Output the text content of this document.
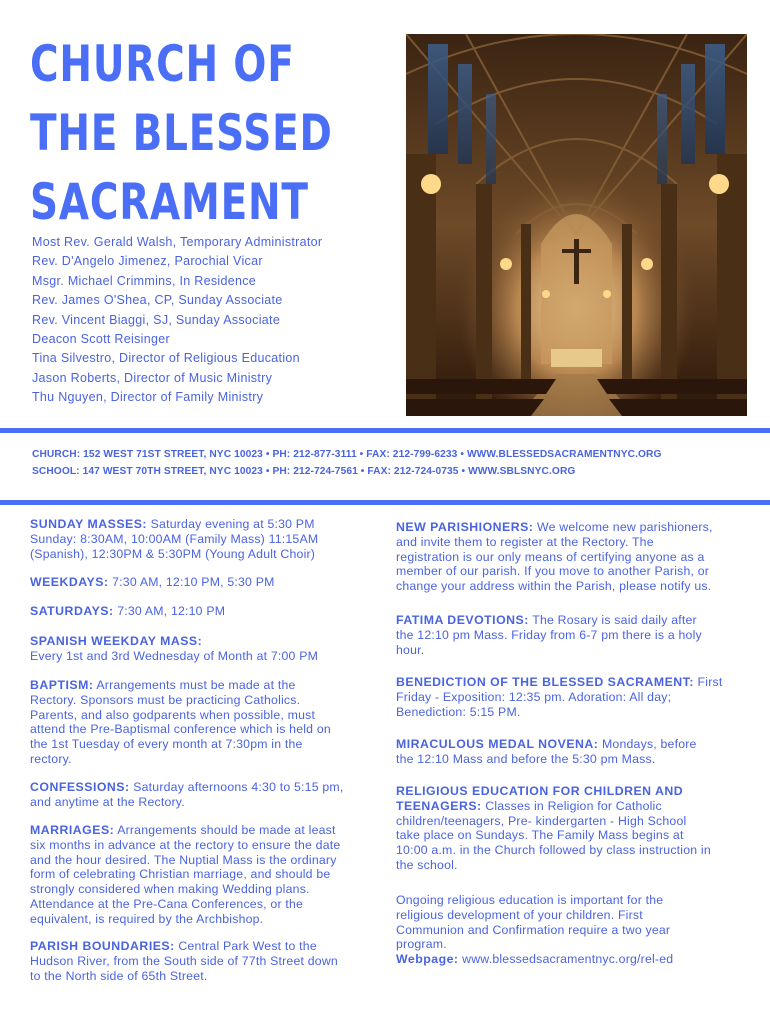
CHURCH OF
THE BLESSED
SACRAMENT
Most Rev. Gerald Walsh, Temporary Administrator
Rev. D'Angelo Jimenez, Parochial Vicar
Msgr. Michael Crimmins, In Residence
Rev. James O'Shea, CP, Sunday Associate
Rev. Vincent Biaggi, SJ, Sunday Associate
Deacon Scott Reisinger
Tina Silvestro, Director of Religious Education
Jason Roberts, Director of Music Ministry
Thu Nguyen, Director of Family Ministry
CHURCH: 152 WEST 71ST STREET, NYC 10023 • PH: 212-877-3111 • FAX: 212-799-6233 • WWW.BLESSEDSACRAMENTNYC.ORG
SCHOOL: 147 WEST 70TH STREET, NYC 10023 • PH: 212-724-7561 • FAX: 212-724-0735 • WWW.SBLSNYC.ORG
SUNDAY MASSES: Saturday evening at 5:30 PM
Sunday: 8:30AM, 10:00AM (Family Mass) 11:15AM
(Spanish), 12:30PM & 5:30PM (Young Adult Choir)
WEEKDAYS: 7:30 AM, 12:10 PM, 5:30 PM
SATURDAYS: 7:30 AM, 12:10 PM
SPANISH WEEKDAY MASS:
Every 1st and 3rd Wednesday of Month at 7:00 PM
BAPTISM: Arrangements must be made at the
Rectory. Sponsors must be practicing Catholics.
Parents, and also godparents when possible, must
attend the Pre-Baptismal conference which is held on
the 1st Tuesday of every month at 7:30pm in the
rectory.
CONFESSIONS: Saturday afternoons 4:30 to 5:15 pm,
and anytime at the Rectory.
MARRIAGES: Arrangements should be made at least
six months in advance at the rectory to ensure the date
and the hour desired. The Nuptial Mass is the ordinary
form of celebrating Christian marriage, and should be
strongly considered when making Wedding plans.
Attendance at the Pre-Cana Conferences, or the
equivalent, is required by the Archbishop.
PARISH BOUNDARIES: Central Park West to the
Hudson River, from the South side of 77th Street down
to the North side of 65th Street.
NEW PARISHIONERS: We welcome new parishioners,
and invite them to register at the Rectory. The
registration is our only means of certifying anyone as a
member of our parish. If you move to another Parish, or
change your address within the Parish, please notify us.
FATIMA DEVOTIONS: The Rosary is said daily after
the 12:10 pm Mass. Friday from 6-7 pm there is a holy
hour.
BENEDICTION OF THE BLESSED SACRAMENT: First
Friday - Exposition: 12:35 pm. Adoration: All day;
Benediction: 5:15 PM.
MIRACULOUS MEDAL NOVENA: Mondays, before
the 12:10 Mass and before the 5:30 pm Mass.
RELIGIOUS EDUCATION FOR CHILDREN AND
TEENAGERS: Classes in Religion for Catholic
children/teenagers, Pre- kindergarten - High School
take place on Sundays. The Family Mass begins at
10:00 a.m. in the Church followed by class instruction in
the school.
Ongoing religious education is important for the
religious development of your children. First
Communion and Confirmation require a two year
program.
Webpage: www.blessedsacramentnyc.org/rel-ed
